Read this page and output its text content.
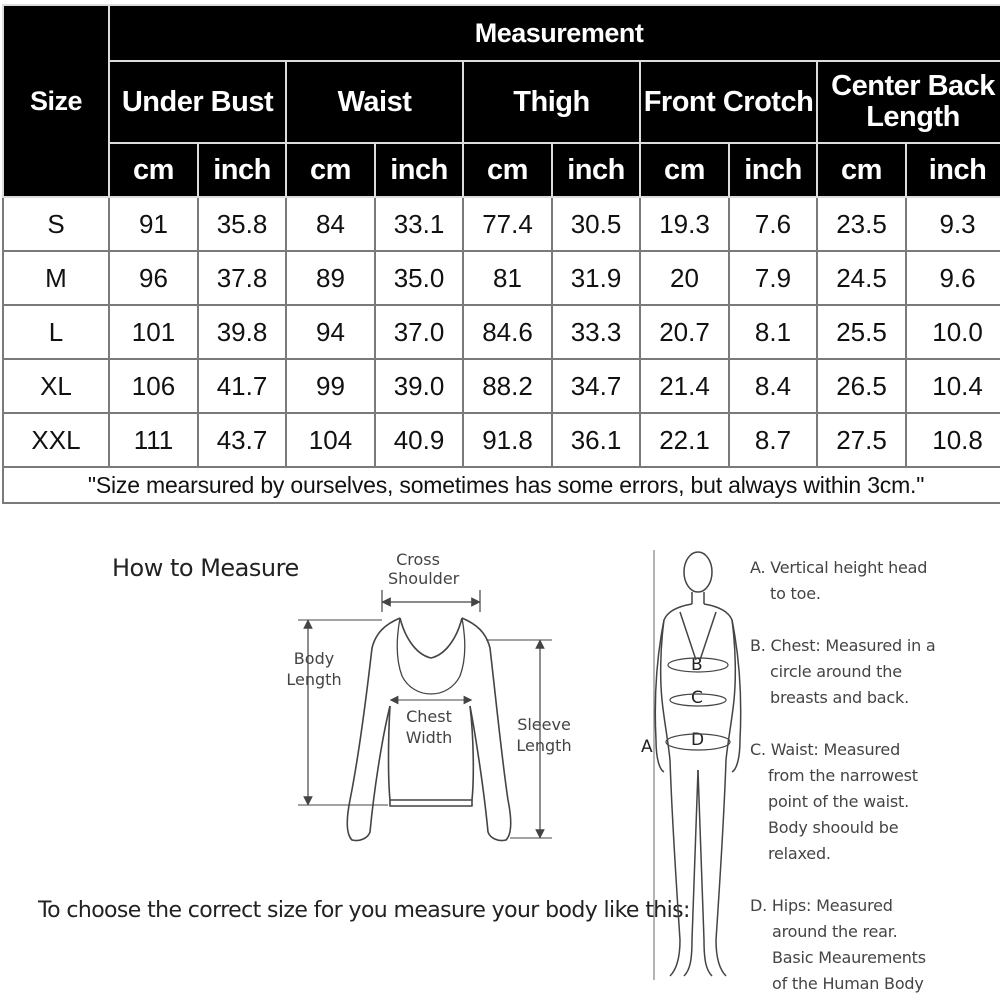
Size	Measurement									
	Under Bust		Waist		Thigh		Front Crotch		Center Back Length	
	cm	inch	cm	inch	cm	inch	cm	inch	cm	inch
S	91	35.8	84	33.1	77.4	30.5	19.3	7.6	23.5	9.3
M	96	37.8	89	35.0	81	31.9	20	7.9	24.5	9.6
L	101	39.8	94	37.0	84.6	33.3	20.7	8.1	25.5	10.0
XL	106	41.7	99	39.0	88.2	34.7	21.4	8.4	26.5	10.4
XXL	111	43.7	104	40.9	91.8	36.1	22.1	8.7	27.5	10.8
"Size mearsured by ourselves, sometimes has some errors, but always within 3cm."										
How to Measure
To choose the correct size for you measure your body like this:
Cross
Shoulder
Body
Length
Chest
Width
Sleeve
Length	A
B
C
D
A. Vertical height head
to toe.
B. Chest: Measured in a
circle around the
breasts and back.
C. Waist: Measured
from the narrowest
point of the waist.
Body shoould be
relaxed.
D. Hips: Measured
around the rear.
Basic Meaurements
of the Human Body
